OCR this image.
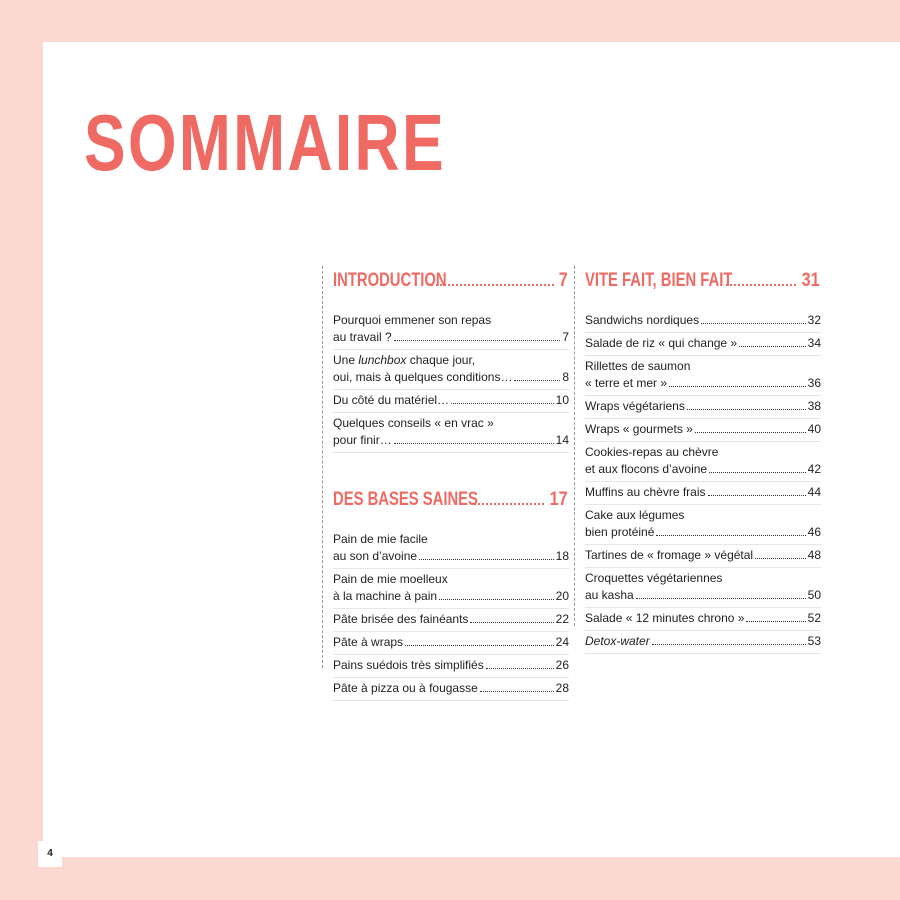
SOMMAIRE
INTRODUCTION	7
Pourquoi emmener son repas
au travail ?	7
Une lunchbox chaque jour,
oui, mais à quelques conditions…	8
Du côté du matériel…	10
Quelques conseils « en vrac »
pour finir…	14
DES BASES SAINES	17
Pain de mie facile
au son d’avoine	18
Pain de mie moelleux
à la machine à pain	20
Pâte brisée des fainéants	22
Pâte à wraps	24
Pains suédois très simplifiés	26
Pâte à pizza ou à fougasse	28
VITE FAIT, BIEN FAIT	31
Sandwichs nordiques	32
Salade de riz « qui change »	34
Rillettes de saumon
« terre et mer »	36
Wraps végétariens	38
Wraps « gourmets »	40
Cookies-repas au chèvre
et aux flocons d’avoine	42
Muffins au chèvre frais	44
Cake aux légumes
bien protéiné	46
Tartines de « fromage » végétal	48
Croquettes végétariennes
au kasha	50
Salade « 12 minutes chrono »	52
Detox-water	53
4
